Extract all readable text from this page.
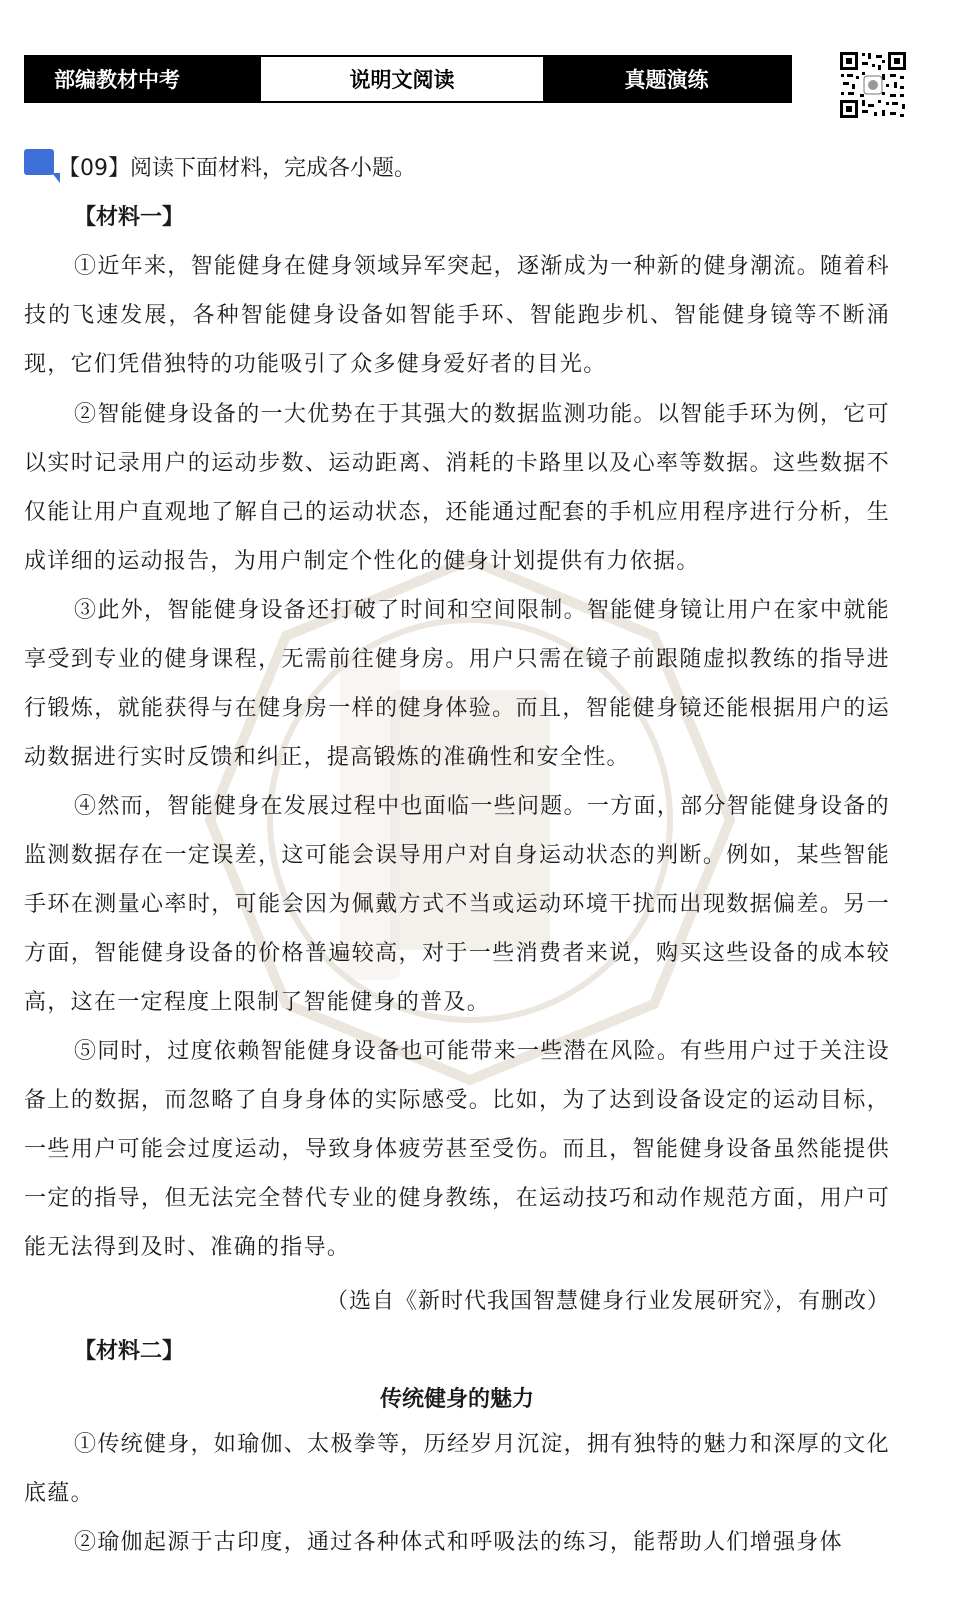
部编教材中考	说明文阅读	真题演练
【09】阅读下面材料，完成各小题。
【材料一】
①近年来，智能健身在健身领域异军突起，逐渐成为一种新的健身潮流。随着科技的飞速发展，各种智能健身设备如智能手环、智能跑步机、智能健身镜等不断涌现，它们凭借独特的功能吸引了众多健身爱好者的目光。
②智能健身设备的一大优势在于其强大的数据监测功能。以智能手环为例，它可以实时记录用户的运动步数、运动距离、消耗的卡路里以及心率等数据。这些数据不仅能让用户直观地了解自己的运动状态，还能通过配套的手机应用程序进行分析，生成详细的运动报告，为用户制定个性化的健身计划提供有力依据。
③此外，智能健身设备还打破了时间和空间限制。智能健身镜让用户在家中就能享受到专业的健身课程，无需前往健身房。用户只需在镜子前跟随虚拟教练的指导进行锻炼，就能获得与在健身房一样的健身体验。而且，智能健身镜还能根据用户的运动数据进行实时反馈和纠正，提高锻炼的准确性和安全性。
④然而，智能健身在发展过程中也面临一些问题。一方面，部分智能健身设备的监测数据存在一定误差，这可能会误导用户对自身运动状态的判断。例如，某些智能手环在测量心率时，可能会因为佩戴方式不当或运动环境干扰而出现数据偏差。另一方面，智能健身设备的价格普遍较高，对于一些消费者来说，购买这些设备的成本较高，这在一定程度上限制了智能健身的普及。
⑤同时，过度依赖智能健身设备也可能带来一些潜在风险。有些用户过于关注设备上的数据，而忽略了自身身体的实际感受。比如，为了达到设备设定的运动目标，一些用户可能会过度运动，导致身体疲劳甚至受伤。而且，智能健身设备虽然能提供一定的指导，但无法完全替代专业的健身教练，在运动技巧和动作规范方面，用户可能无法得到及时、准确的指导。
（选自《新时代我国智慧健身行业发展研究》，有删改）
【材料二】
传统健身的魅力
①传统健身，如瑜伽、太极拳等，历经岁月沉淀，拥有独特的魅力和深厚的文化底蕴。
②瑜伽起源于古印度，通过各种体式和呼吸法的练习，能帮助人们增强身体
